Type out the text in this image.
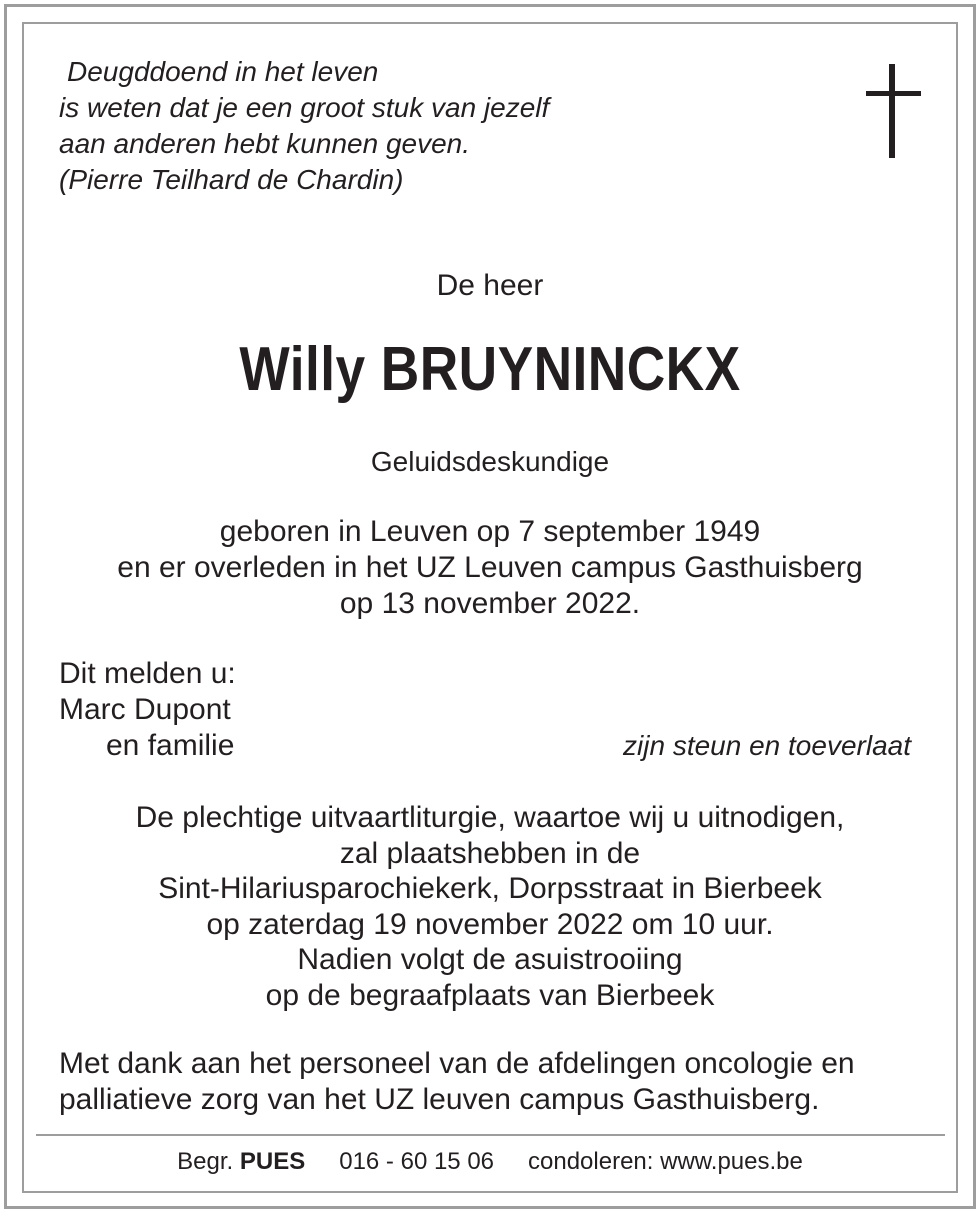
Deugddoend in het leven
is weten dat je een groot stuk van jezelf
aan anderen hebt kunnen geven.
(Pierre Teilhard de Chardin)
De heer
Willy BRUYNINCKX
Geluidsdeskundige
geboren in Leuven op 7 september 1949
en er overleden in het UZ Leuven campus Gasthuisberg
op 13 november 2022.
Dit melden u:
Marc Dupont
en familie	zijn steun en toeverlaat
De plechtige uitvaartliturgie, waartoe wij u uitnodigen,
zal plaatshebben in de
Sint-Hilariusparochiekerk, Dorpsstraat in Bierbeek
op zaterdag 19 november 2022 om 10 uur.
Nadien volgt de asuistrooiing
op de begraafplaats van Bierbeek
Met dank aan het personeel van de afdelingen oncologie en
palliatieve zorg van het UZ leuven campus Gasthuisberg.
Begr. PUES 016 - 60 15 06 condoleren: www.pues.be
